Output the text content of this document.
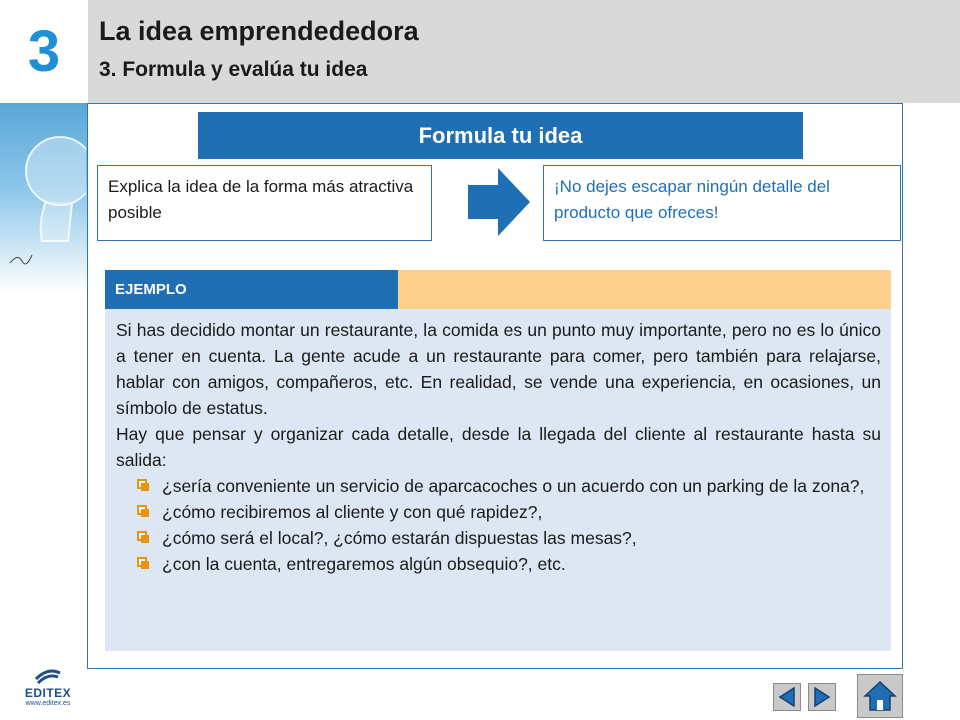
3	La idea emprendededora
3. Formula y evalúa tu idea
Formula tu idea
Explica la idea de la forma más atractiva posible
¡No dejes escapar ningún detalle del producto que ofreces!
EJEMPLO

Si has decidido montar un restaurante, la comida es un punto muy importante, pero no es lo único a tener en cuenta. La gente acude a un restaurante para comer, pero también para relajarse, hablar con amigos, compañeros, etc. En realidad, se vende una experiencia, en ocasiones, un símbolo de estatus.

Hay que pensar y organizar cada detalle, desde la llegada del cliente al restaurante hasta su salida:

¿sería conveniente un servicio de aparcacoches o un acuerdo con un parking de la zona?,
¿cómo recibiremos al cliente y con qué rapidez?,
¿cómo será el local?, ¿cómo estarán dispuestas las mesas?,
¿con la cuenta, entregaremos algún obsequio?, etc.
EDITEX
www.editex.es
